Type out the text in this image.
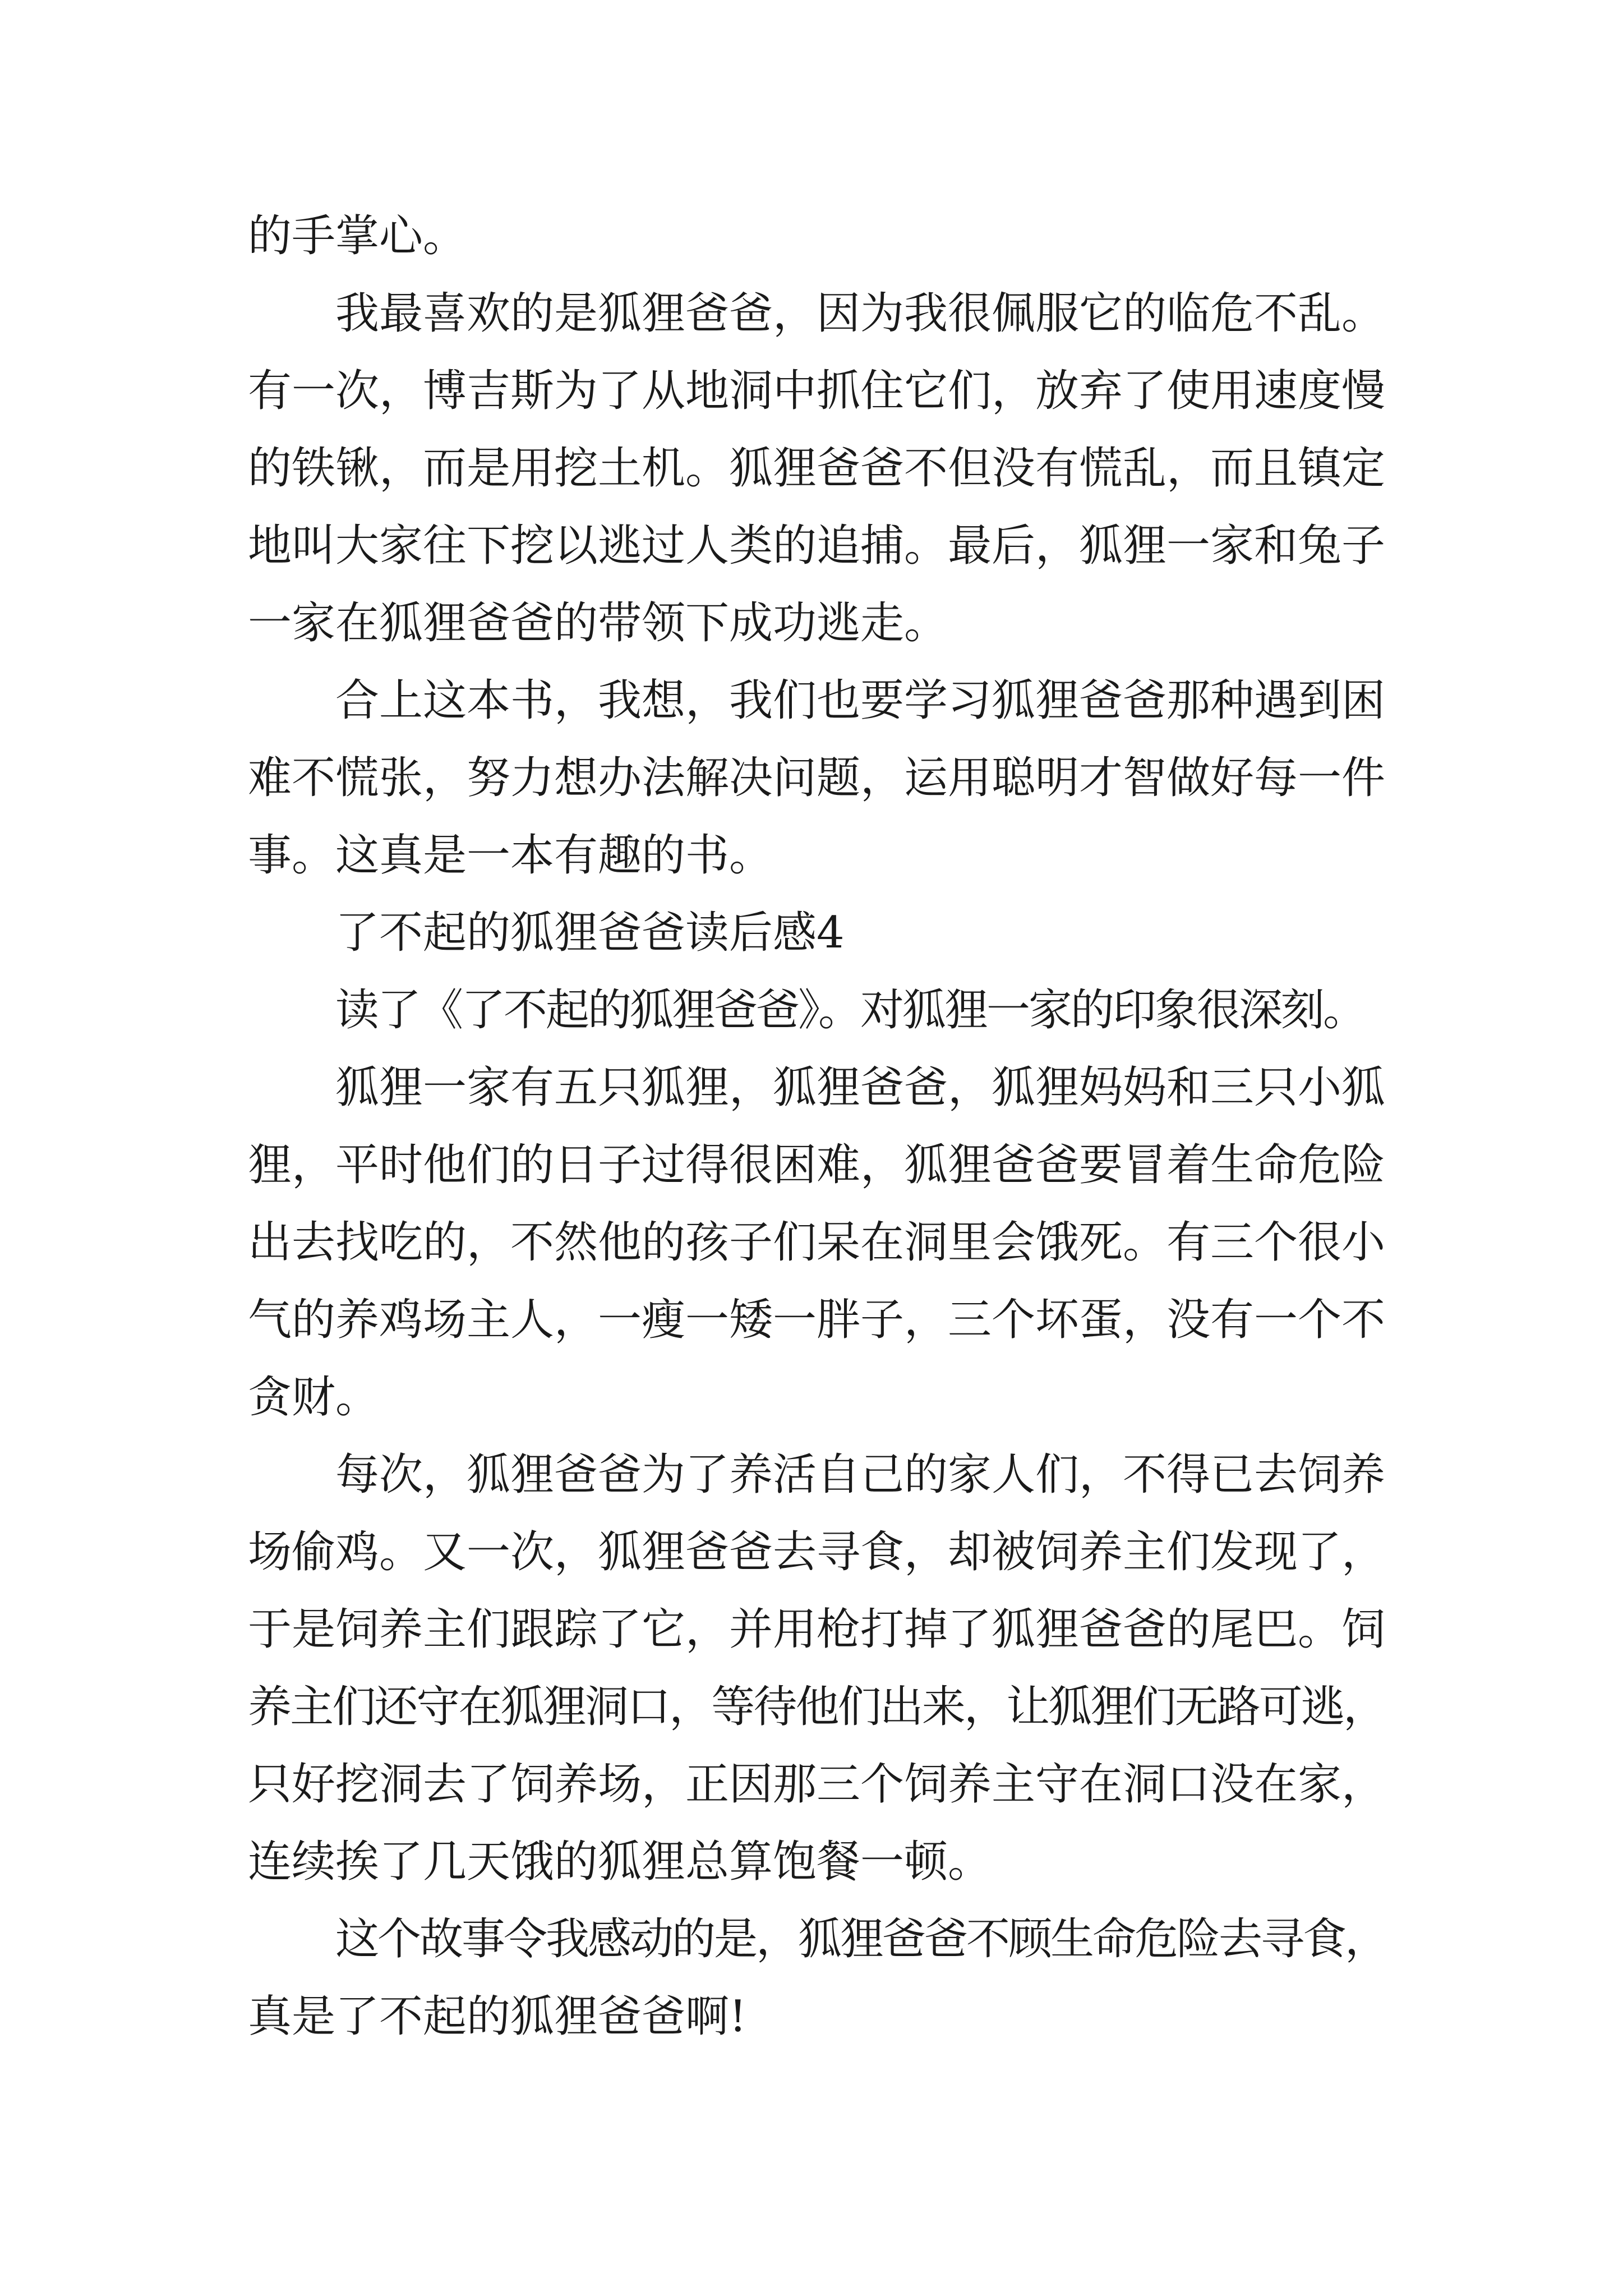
的手掌心。
我最喜欢的是狐狸爸爸，因为我很佩服它的临危不乱。
有一次，博吉斯为了从地洞中抓住它们，放弃了使用速度慢
的铁锹，而是用挖土机。狐狸爸爸不但没有慌乱，而且镇定
地叫大家往下挖以逃过人类的追捕。最后，狐狸一家和兔子
一家在狐狸爸爸的带领下成功逃走。
合上这本书，我想，我们也要学习狐狸爸爸那种遇到困
难不慌张，努力想办法解决问题，运用聪明才智做好每一件
事。这真是一本有趣的书。
了不起的狐狸爸爸读后感4
读了《了不起的狐狸爸爸》。对狐狸一家的印象很深刻。
狐狸一家有五只狐狸，狐狸爸爸，狐狸妈妈和三只小狐
狸，平时他们的日子过得很困难，狐狸爸爸要冒着生命危险
出去找吃的，不然他的孩子们呆在洞里会饿死。有三个很小
气的养鸡场主人，一瘦一矮一胖子，三个坏蛋，没有一个不
贪财。
每次，狐狸爸爸为了养活自己的家人们，不得已去饲养
场偷鸡。又一次，狐狸爸爸去寻食，却被饲养主们发现了，
于是饲养主们跟踪了它，并用枪打掉了狐狸爸爸的尾巴。饲
养主们还守在狐狸洞口，等待他们出来，让狐狸们无路可逃，
只好挖洞去了饲养场，正因那三个饲养主守在洞口没在家，
连续挨了几天饿的狐狸总算饱餐一顿。
这个故事令我感动的是，狐狸爸爸不顾生命危险去寻食，
真是了不起的狐狸爸爸啊!
